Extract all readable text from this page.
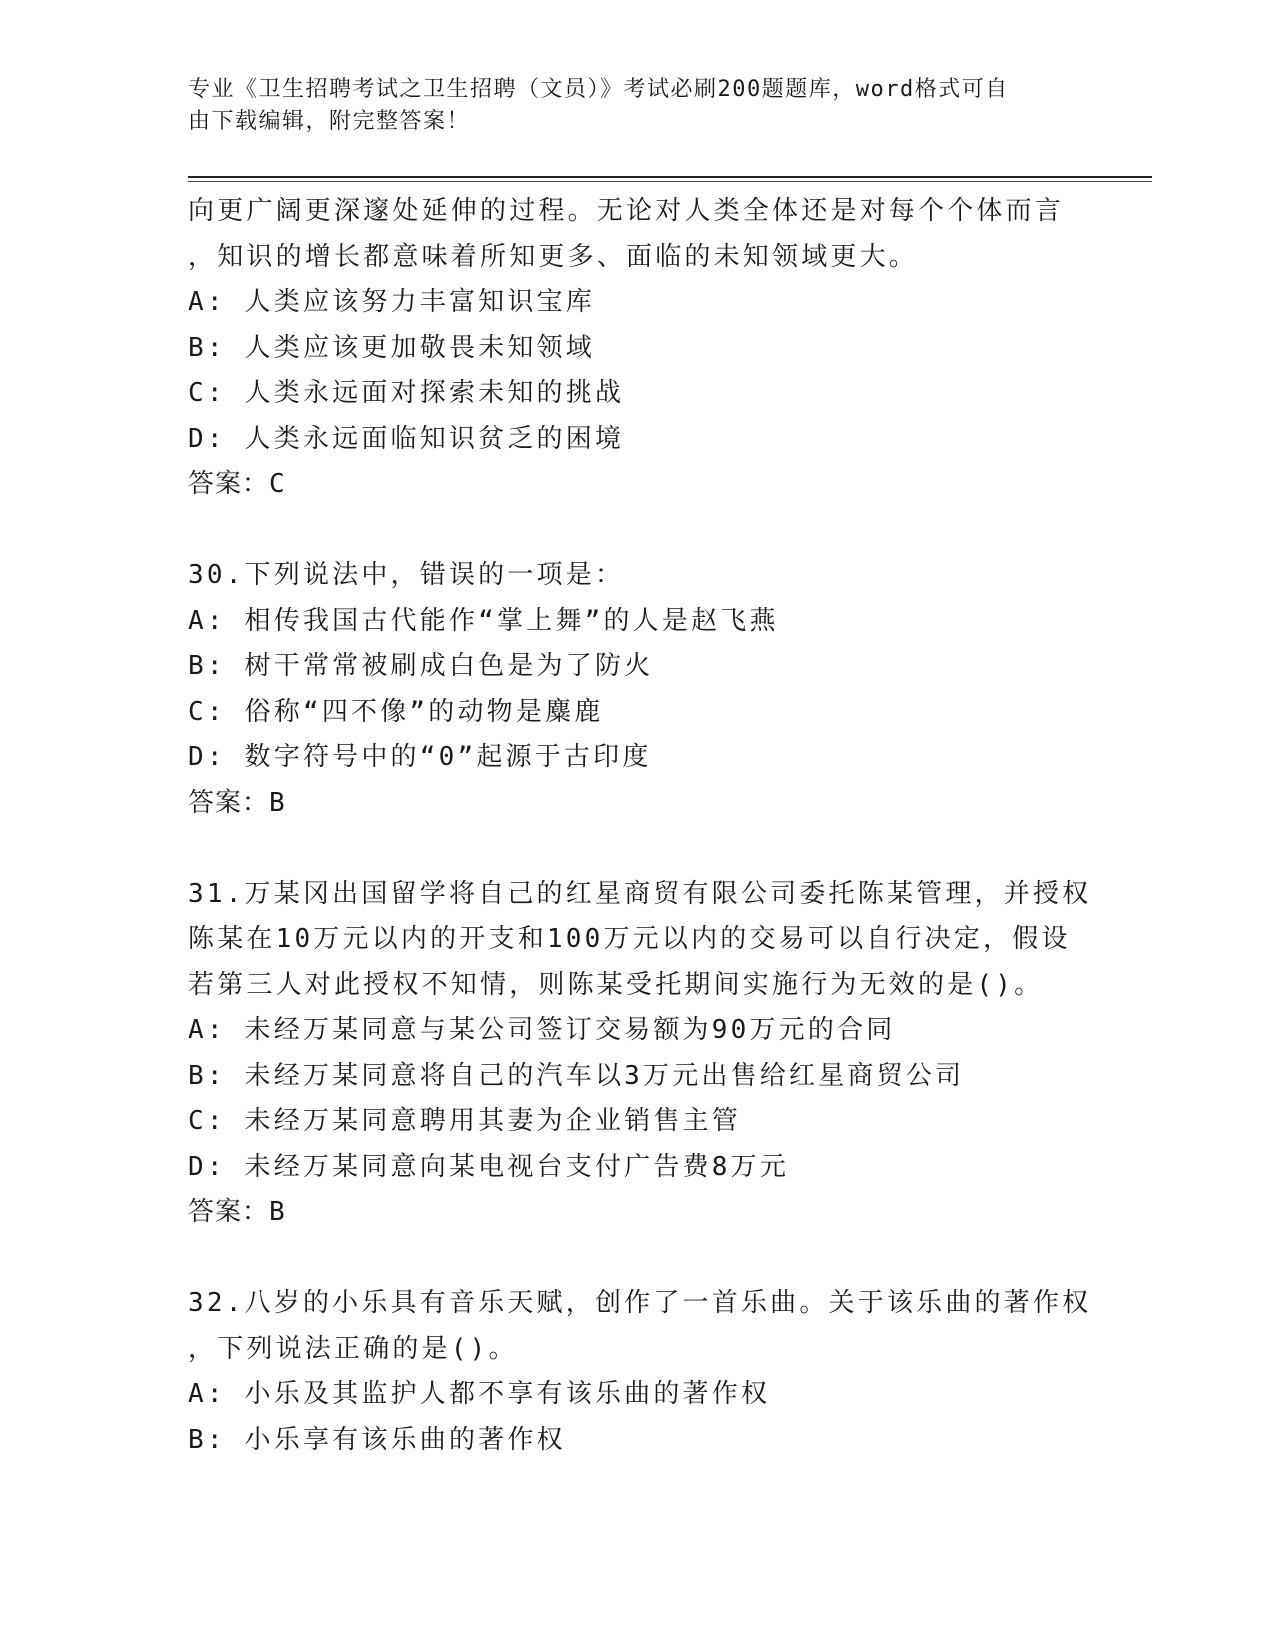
专业《卫生招聘考试之卫生招聘（文员）》考试必刷200题题库，word格式可自
由下载编辑，附完整答案！
向更广阔更深邃处延伸的过程。无论对人类全体还是对每个个体而言
，知识的增长都意味着所知更多、面临的未知领域更大。
A: 人类应该努力丰富知识宝库
B: 人类应该更加敬畏未知领域
C: 人类永远面对探索未知的挑战
D: 人类永远面临知识贫乏的困境
答案：C
30.下列说法中，错误的一项是：
A: 相传我国古代能作“掌上舞”的人是赵飞燕
B: 树干常常被刷成白色是为了防火
C: 俗称“四不像”的动物是麋鹿
D: 数字符号中的“0”起源于古印度
答案：B
31.万某冈出国留学将自己的红星商贸有限公司委托陈某管理，并授权
陈某在10万元以内的开支和100万元以内的交易可以自行决定，假设
若第三人对此授权不知情，则陈某受托期间实施行为无效的是()。
A: 未经万某同意与某公司签订交易额为90万元的合同
B: 未经万某同意将自己的汽车以3万元出售给红星商贸公司
C: 未经万某同意聘用其妻为企业销售主管
D: 未经万某同意向某电视台支付广告费8万元
答案：B
32.八岁的小乐具有音乐天赋，创作了一首乐曲。关于该乐曲的著作权
，下列说法正确的是()。
A: 小乐及其监护人都不享有该乐曲的著作权
B: 小乐享有该乐曲的著作权
